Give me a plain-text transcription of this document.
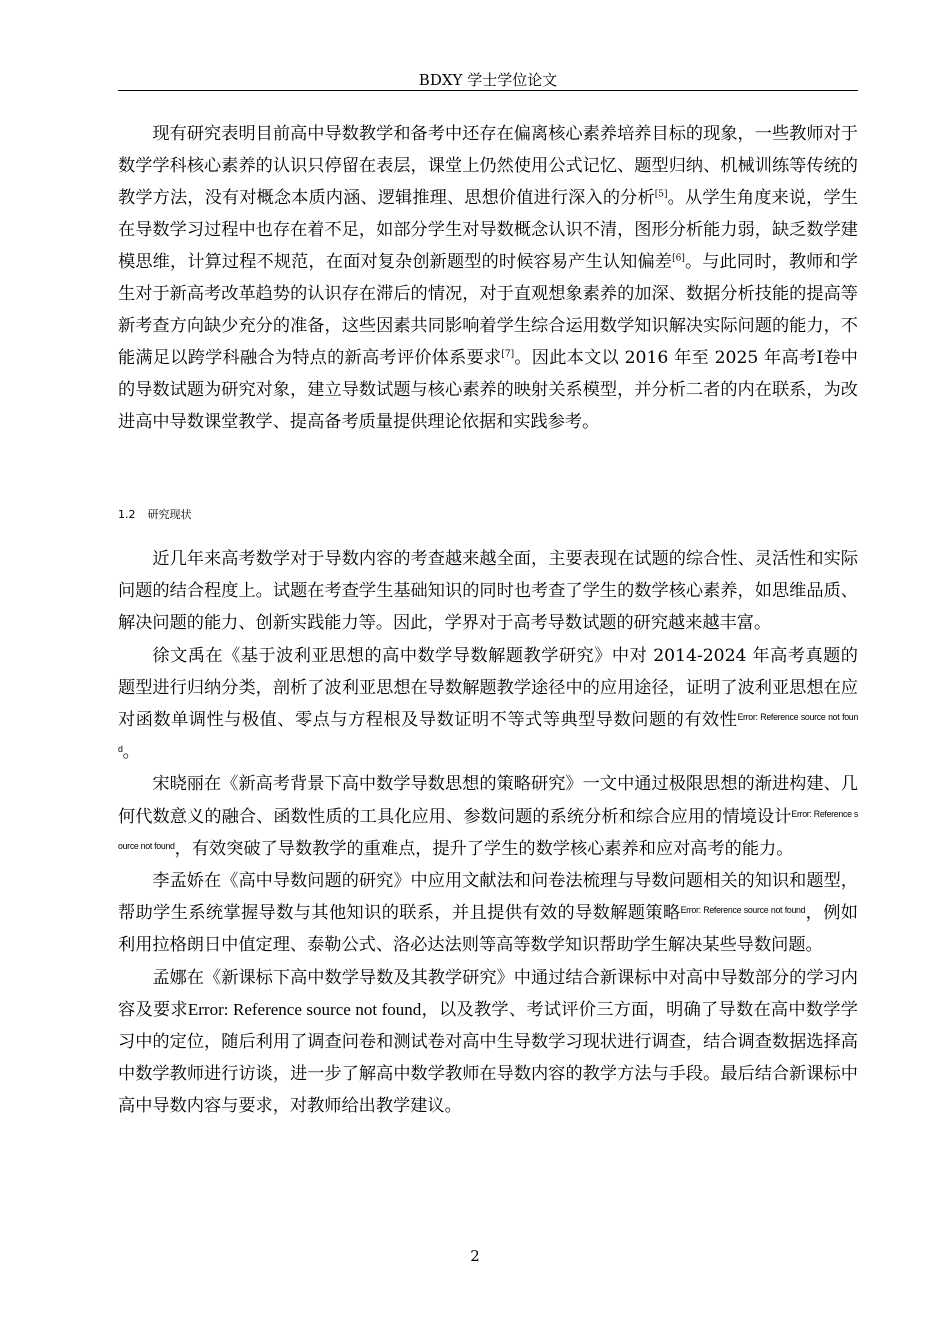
BDXY 学士学位论文

现有研究表明目前高中导数教学和备考中还存在偏离核心素养培养目标的现象，一些教师对于数学学科核心素养的认识只停留在表层，课堂上仍然使用公式记忆、题型归纳、机械训练等传统的教学方法，没有对概念本质内涵、逻辑推理、思想价值进行深入的分析[5]。从学生角度来说，学生在导数学习过程中也存在着不足，如部分学生对导数概念认识不清，图形分析能力弱，缺乏数学建模思维，计算过程不规范，在面对复杂创新题型的时候容易产生认知偏差[6]。与此同时，教师和学生对于新高考改革趋势的认识存在滞后的情况，对于直观想象素养的加深、数据分析技能的提高等新考查方向缺少充分的准备，这些因素共同影响着学生综合运用数学知识解决实际问题的能力，不能满足以跨学科融合为特点的新高考评价体系要求[7]。因此本文以 2016 年至 2025 年高考Ⅰ卷中的导数试题为研究对象，建立导数试题与核心素养的映射关系模型，并分析二者的内在联系，为改进高中导数课堂教学、提高备考质量提供理论依据和实践参考。

1.2 研究现状

近几年来高考数学对于导数内容的考查越来越全面，主要表现在试题的综合性、灵活性和实际问题的结合程度上。试题在考查学生基础知识的同时也考查了学生的数学核心素养，如思维品质、解决问题的能力、创新实践能力等。因此，学界对于高考导数试题的研究越来越丰富。

徐文禹在《基于波利亚思想的高中数学导数解题教学研究》中对 2014-2024 年高考真题的题型进行归纳分类，剖析了波利亚思想在导数解题教学途径中的应用途径，证明了波利亚思想在应对函数单调性与极值、零点与方程根及导数证明不等式等典型导数问题的有效性$^{Error: Reference source not found}$。

宋晓丽在《新高考背景下高中数学导数思想的策略研究》一文中通过极限思想的渐进构建、几何代数意义的融合、函数性质的工具化应用、参数问题的系统分析和综合应用的情境设计$^{Error: Reference source not found}$，有效突破了导数教学的重难点，提升了学生的数学核心素养和应对高考的能力。

李孟娇在《高中导数问题的研究》中应用文献法和问卷法梳理与导数问题相关的知识和题型，帮助学生系统掌握导数与其他知识的联系，并且提供有效的导数解题策略$^{Error: Reference source not found}$，例如利用拉格朗日中值定理、泰勒公式、洛必达法则等高等数学知识帮助学生解决某些导数问题。

孟娜在《新课标下高中数学导数及其教学研究》中通过结合新课标中对高中导数部分的学习内容及要求Error: Reference source not found，以及教学、考试评价三方面，明确了导数在高中数学学习中的定位，随后利用了调查问卷和测试卷对高中生导数学习现状进行调查，结合调查数据选择高中数学教师进行访谈，进一步了解高中数学教师在导数内容的教学方法与手段。最后结合新课标中高中导数内容与要求，对教师给出教学建议。

2
